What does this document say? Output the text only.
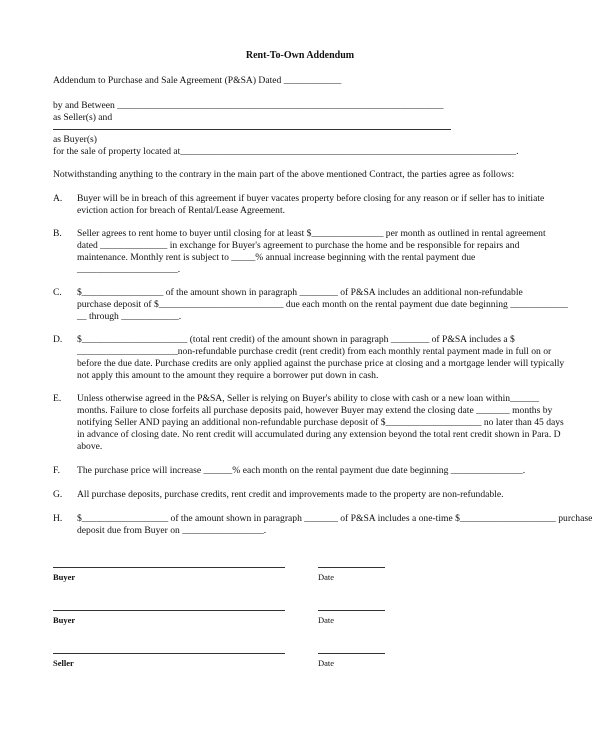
Rent-To-Own Addendum
Addendum to Purchase and Sale Agreement (P&SA) Dated ____________
by and Between ____________________________________________________________________
as Seller(s) and
as Buyer(s)
for the sale of property located at______________________________________________________________________.
Notwithstanding anything to the contrary in the main part of the above mentioned Contract, the parties agree as follows:
A.	Buyer will be in breach of this agreement if buyer vacates property before closing for any reason or if seller has to initiate
eviction action for breach of Rental/Lease Agreement.
B.	Seller agrees to rent home to buyer until closing for at least $_______________ per month as outlined in rental agreement
dated ______________ in exchange for Buyer's agreement to purchase the home and be responsible for repairs and
maintenance. Monthly rent is subject to _____% annual increase beginning with the rental payment due
_____________________.
C.	$_________________ of the amount shown in paragraph ________ of P&SA includes an additional non-refundable
purchase deposit of $__________________________ due each month on the rental payment due date beginning ____________
__ through ____________.
D.	$______________________ (total rent credit) of the amount shown in paragraph ________ of P&SA includes a $
_____________________non-refundable purchase credit (rent credit) from each monthly rental payment made in full on or
before the due date. Purchase credits are only applied against the purchase price at closing and a mortgage lender will typically
not apply this amount to the amount they require a borrower put down in cash.
E.	Unless otherwise agreed in the P&SA, Seller is relying on Buyer's ability to close with cash or a new loan within______
months. Failure to close forfeits all purchase deposits paid, however Buyer may extend the closing date _______ months by
notifying Seller AND paying an additional non-refundable purchase deposit of $____________________ no later than 45 days
in advance of closing date. No rent credit will accumulated during any extension beyond the total rent credit shown in Para. D
above.
F.	The purchase price will increase ______% each month on the rental payment due date beginning _______________.
G.	All purchase deposits, purchase credits, rent credit and improvements made to the property are non-refundable.
H.	$__________________ of the amount shown in paragraph _______ of P&SA includes a one-time $____________________ purchase
deposit due from Buyer on _________________.
Buyer	Date
Buyer	Date
Seller	Date
